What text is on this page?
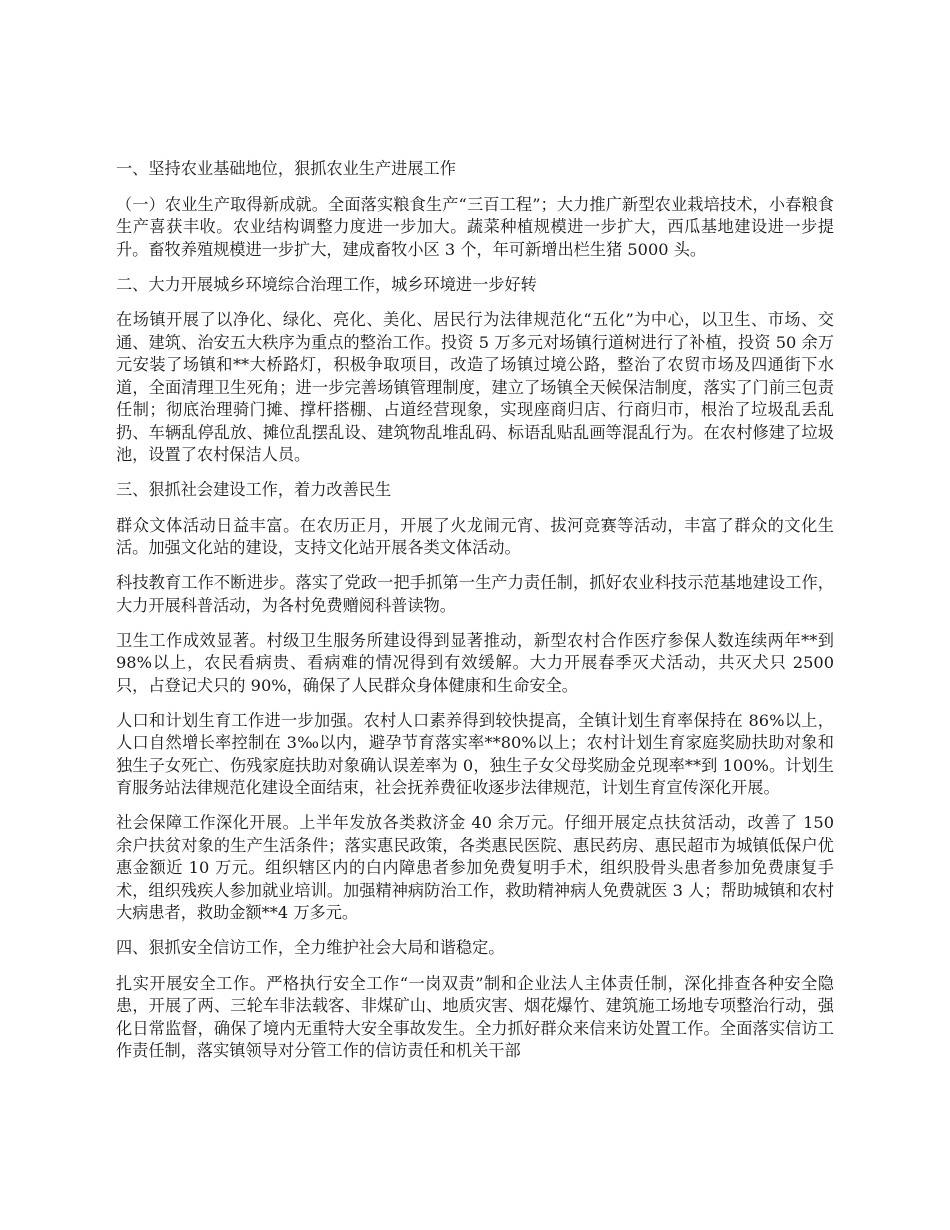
一、坚持农业基础地位，狠抓农业生产进展工作

（一）农业生产取得新成就。全面落实粮食生产“三百工程”；大力推广新型农业栽培技术，小春粮食生产喜获丰收。农业结构调整力度进一步加大。蔬菜种植规模进一步扩大，西瓜基地建设进一步提升。畜牧养殖规模进一步扩大，建成畜牧小区 3 个，年可新增出栏生猪 5000 头。

二、大力开展城乡环境综合治理工作，城乡环境进一步好转

在场镇开展了以净化、绿化、亮化、美化、居民行为法律规范化“五化”为中心，以卫生、市场、交通、建筑、治安五大秩序为重点的整治工作。投资 5 万多元对场镇行道树进行了补植，投资 50 余万元安装了场镇和**大桥路灯，积极争取项目，改造了场镇过境公路，整治了农贸市场及四通街下水道，全面清理卫生死角；进一步完善场镇管理制度，建立了场镇全天候保洁制度，落实了门前三包责任制；彻底治理骑门摊、撑杆搭棚、占道经营现象，实现座商归店、行商归市，根治了垃圾乱丢乱扔、车辆乱停乱放、摊位乱摆乱设、建筑物乱堆乱码、标语乱贴乱画等混乱行为。在农村修建了垃圾池，设置了农村保洁人员。

三、狠抓社会建设工作，着力改善民生

群众文体活动日益丰富。在农历正月，开展了火龙闹元宵、拔河竞赛等活动，丰富了群众的文化生活。加强文化站的建设，支持文化站开展各类文体活动。

科技教育工作不断进步。落实了党政一把手抓第一生产力责任制，抓好农业科技示范基地建设工作，大力开展科普活动，为各村免费赠阅科普读物。

卫生工作成效显著。村级卫生服务所建设得到显著推动，新型农村合作医疗参保人数连续两年**到 98%以上，农民看病贵、看病难的情况得到有效缓解。大力开展春季灭犬活动，共灭犬只 2500 只，占登记犬只的 90%，确保了人民群众身体健康和生命安全。

人口和计划生育工作进一步加强。农村人口素养得到较快提高，全镇计划生育率保持在 86%以上，人口自然增长率控制在 3‰以内，避孕节育落实率**80%以上；农村计划生育家庭奖励扶助对象和独生子女死亡、伤残家庭扶助对象确认误差率为 0，独生子女父母奖励金兑现率**到 100%。计划生育服务站法律规范化建设全面结束，社会抚养费征收逐步法律规范，计划生育宣传深化开展。

社会保障工作深化开展。上半年发放各类救济金 40 余万元。仔细开展定点扶贫活动，改善了 150 余户扶贫对象的生产生活条件；落实惠民政策，各类惠民医院、惠民药房、惠民超市为城镇低保户优惠金额近 10 万元。组织辖区内的白内障患者参加免费复明手术，组织股骨头患者参加免费康复手术，组织残疾人参加就业培训。加强精神病防治工作，救助精神病人免费就医 3 人；帮助城镇和农村大病患者，救助金额**4 万多元。

四、狠抓安全信访工作，全力维护社会大局和谐稳定。

扎实开展安全工作。严格执行安全工作“一岗双责”制和企业法人主体责任制，深化排查各种安全隐患，开展了两、三轮车非法载客、非煤矿山、地质灾害、烟花爆竹、建筑施工场地专项整治行动，强化日常监督，确保了境内无重特大安全事故发生。全力抓好群众来信来访处置工作。全面落实信访工作责任制，落实镇领导对分管工作的信访责任和机关干部
